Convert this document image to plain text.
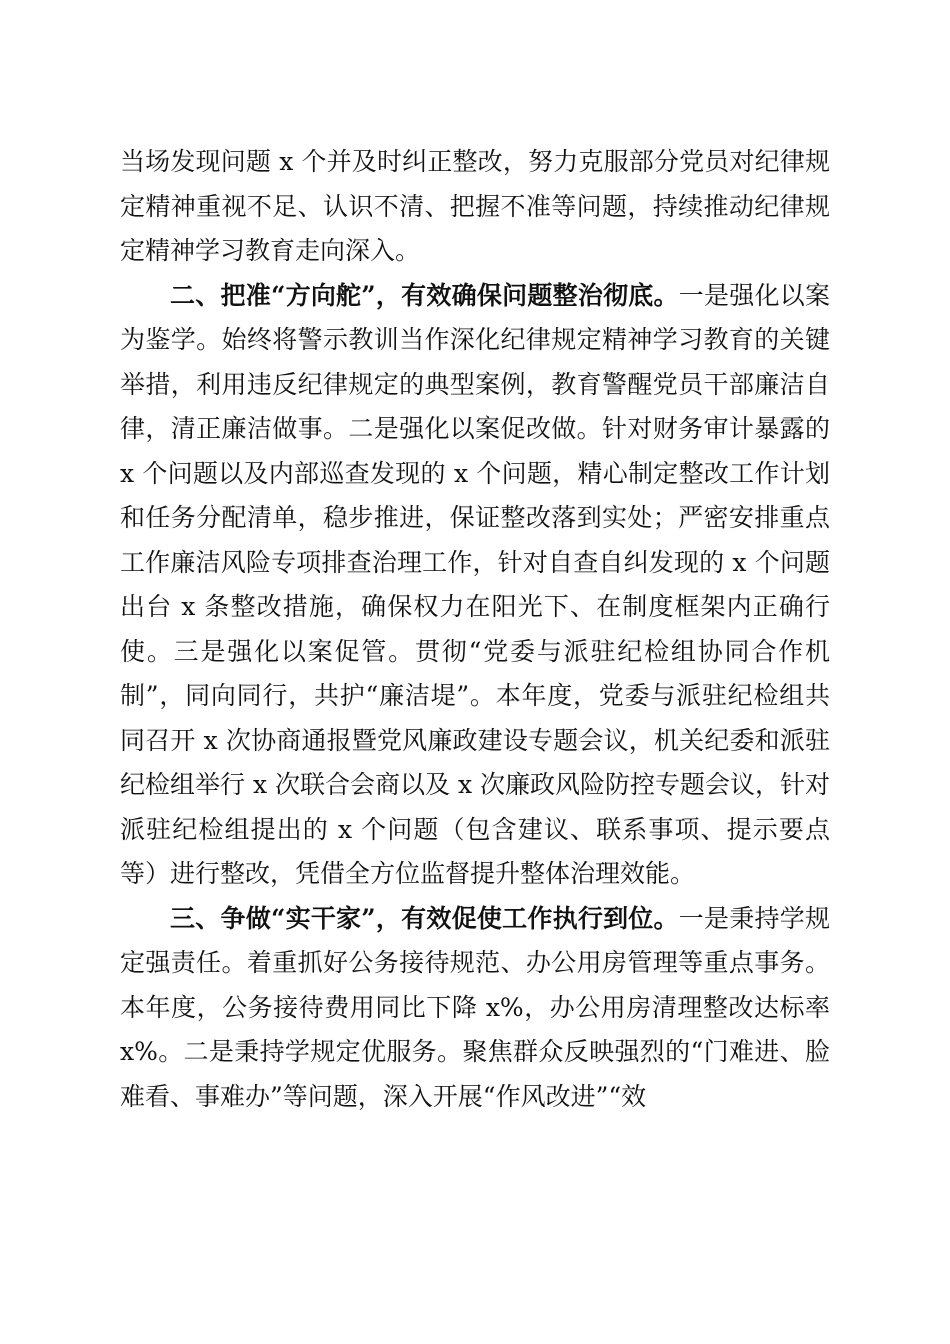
当场发现问题 x 个并及时纠正整改，努力克服部分党员对纪律规定精神重视不足、认识不清、把握不准等问题，持续推动纪律规定精神学习教育走向深入。

二、把准“方向舵”，有效确保问题整治彻底。一是强化以案为鉴学。始终将警示教训当作深化纪律规定精神学习教育的关键举措，利用违反纪律规定的典型案例，教育警醒党员干部廉洁自律，清正廉洁做事。二是强化以案促改做。针对财务审计暴露的 x 个问题以及内部巡查发现的 x 个问题，精心制定整改工作计划和任务分配清单，稳步推进，保证整改落到实处；严密安排重点工作廉洁风险专项排查治理工作，针对自查自纠发现的 x 个问题出台 x 条整改措施，确保权力在阳光下、在制度框架内正确行使。三是强化以案促管。贯彻“党委与派驻纪检组协同合作机制”，同向同行，共护“廉洁堤”。本年度，党委与派驻纪检组共同召开 x 次协商通报暨党风廉政建设专题会议，机关纪委和派驻纪检组举行 x 次联合会商以及 x 次廉政风险防控专题会议，针对派驻纪检组提出的 x 个问题（包含建议、联系事项、提示要点等）进行整改，凭借全方位监督提升整体治理效能。

三、争做“实干家”，有效促使工作执行到位。一是秉持学规定强责任。着重抓好公务接待规范、办公用房管理等重点事务。本年度，公务接待费用同比下降 x%，办公用房清理整改达标率 x%。二是秉持学规定优服务。聚焦群众反映强烈的“门难进、脸难看、事难办”等问题，深入开展“作风改进”“效
